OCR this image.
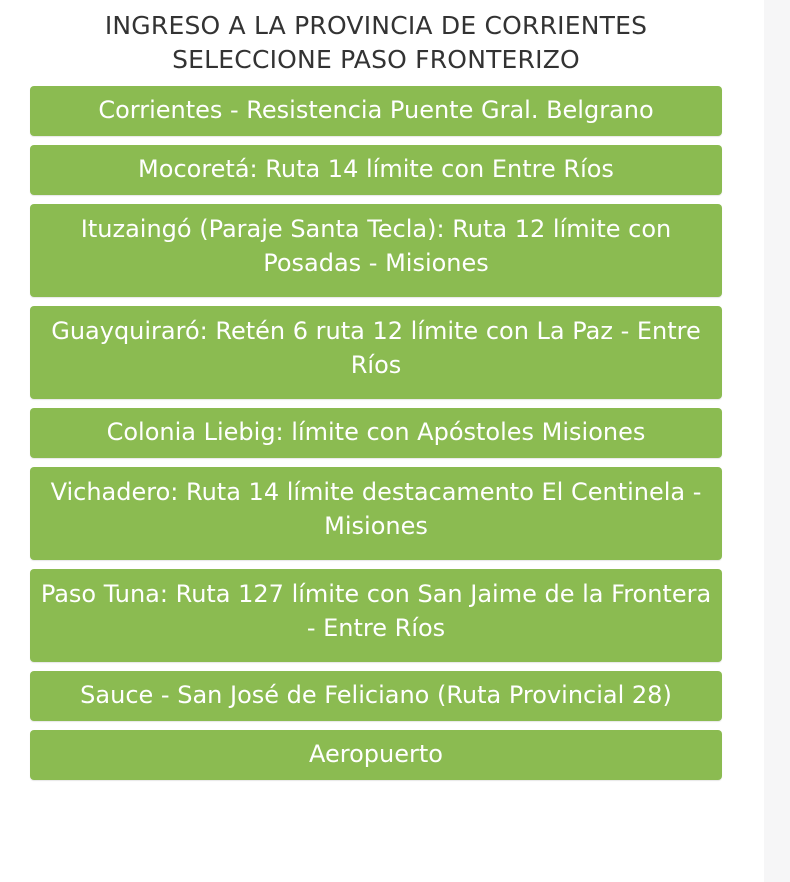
INGRESO A LA PROVINCIA DE CORRIENTES
SELECCIONE PASO FRONTERIZO
Corrientes - Resistencia Puente Gral. Belgrano
Mocoretá: Ruta 14 límite con Entre Ríos
Ituzaingó (Paraje Santa Tecla): Ruta 12 límite con Posadas - Misiones
Guayquiraró: Retén 6 ruta 12 límite con La Paz - Entre Ríos
Colonia Liebig: límite con Apóstoles Misiones
Vichadero: Ruta 14 límite destacamento El Centinela - Misiones
Paso Tuna: Ruta 127 límite con San Jaime de la Frontera - Entre Ríos
Sauce - San José de Feliciano (Ruta Provincial 28)
Aeropuerto
